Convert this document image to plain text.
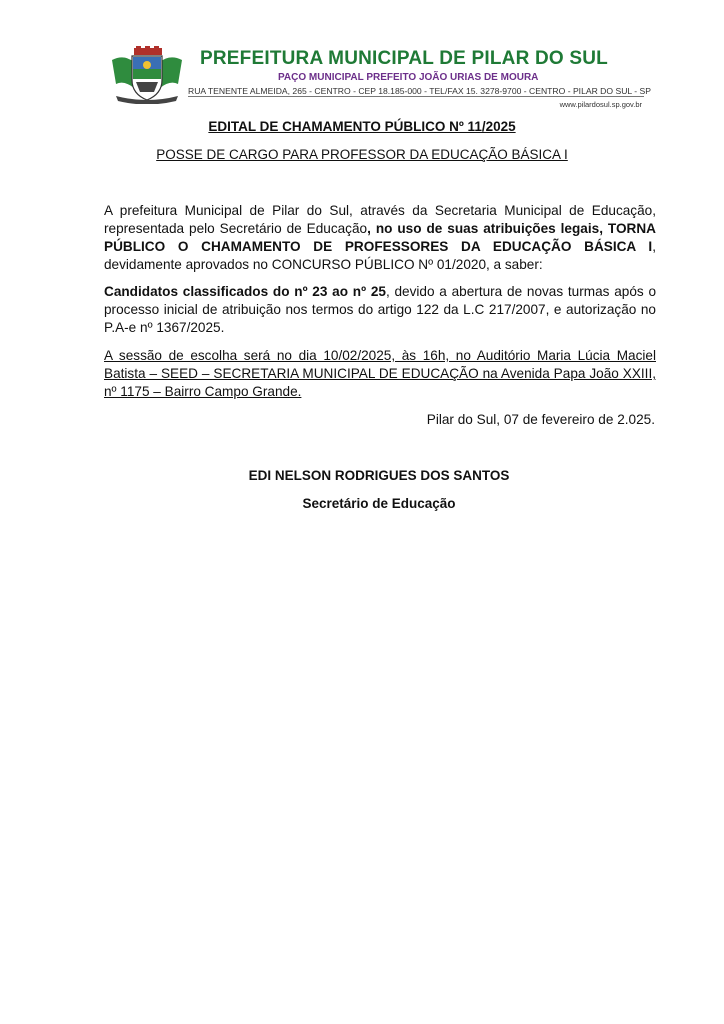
PREFEITURA MUNICIPAL DE PILAR DO SUL
PAÇO MUNICIPAL PREFEITO JOÃO URIAS DE MOURA
RUA TENENTE ALMEIDA, 265 - CENTRO - CEP 18.185-000 - TEL/FAX 15. 3278-9700 - CENTRO - PILAR DO SUL - SP
www.pilardosul.sp.gov.br
EDITAL DE CHAMAMENTO PÚBLICO Nº 11/2025
POSSE DE CARGO PARA PROFESSOR DA EDUCAÇÃO BÁSICA I
A prefeitura Municipal de Pilar do Sul, através da Secretaria Municipal de Educação, representada pelo Secretário de Educação, no uso de suas atribuições legais, TORNA PÚBLICO O CHAMAMENTO DE PROFESSORES DA EDUCAÇÃO BÁSICA I, devidamente aprovados no CONCURSO PÚBLICO Nº 01/2020, a saber:
Candidatos classificados do nº 23 ao nº 25, devido a abertura de novas turmas após o processo inicial de atribuição nos termos do artigo 122 da L.C 217/2007, e autorização no P.A-e nº 1367/2025.
A sessão de escolha será no dia 10/02/2025, às 16h, no Auditório Maria Lúcia Maciel Batista – SEED – SECRETARIA MUNICIPAL DE EDUCAÇÃO na Avenida Papa João XXIII, nº 1175 – Bairro Campo Grande.
Pilar do Sul, 07 de fevereiro de 2.025.
EDI NELSON RODRIGUES DOS SANTOS
Secretário de Educação
